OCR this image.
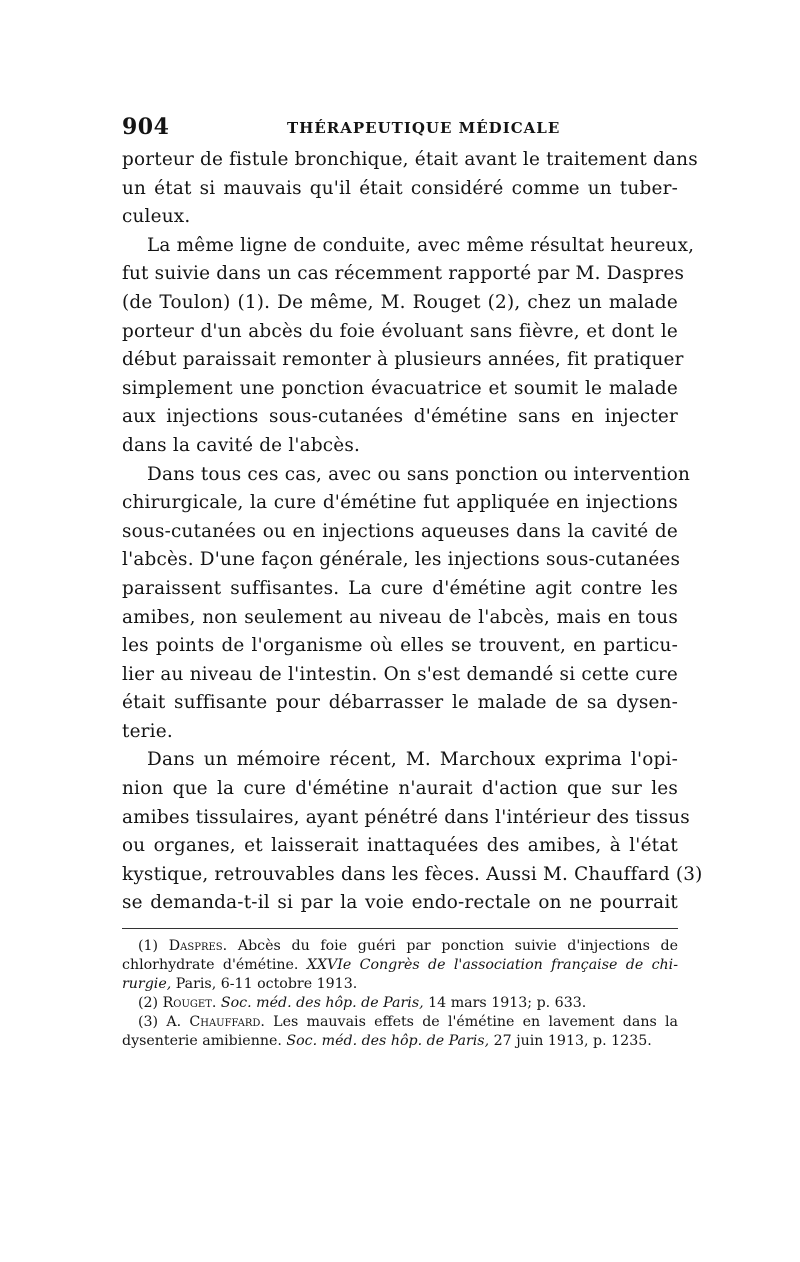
904	THÉRAPEUTIQUE MÉDICALE
porteur de fistule bronchique, était avant le traitement dans
un état si mauvais qu'il était considéré comme un tuber-
culeux.
La même ligne de conduite, avec même résultat heureux,
fut suivie dans un cas récemment rapporté par M. Daspres
(de Toulon) (1). De même, M. Rouget (2), chez un malade
porteur d'un abcès du foie évoluant sans fièvre, et dont le
début paraissait remonter à plusieurs années, fit pratiquer
simplement une ponction évacuatrice et soumit le malade
aux injections sous-cutanées d'émétine sans en injecter
dans la cavité de l'abcès.
Dans tous ces cas, avec ou sans ponction ou intervention
chirurgicale, la cure d'émétine fut appliquée en injections
sous-cutanées ou en injections aqueuses dans la cavité de
l'abcès. D'une façon générale, les injections sous-cutanées
paraissent suffisantes. La cure d'émétine agit contre les
amibes, non seulement au niveau de l'abcès, mais en tous
les points de l'organisme où elles se trouvent, en particu-
lier au niveau de l'intestin. On s'est demandé si cette cure
était suffisante pour débarrasser le malade de sa dysen-
terie.
Dans un mémoire récent, M. Marchoux exprima l'opi-
nion que la cure d'émétine n'aurait d'action que sur les
amibes tissulaires, ayant pénétré dans l'intérieur des tissus
ou organes, et laisserait inattaquées des amibes, à l'état
kystique, retrouvables dans les fèces. Aussi M. Chauffard (3)
se demanda-t-il si par la voie endo-rectale on ne pourrait
(1) Daspres. Abcès du foie guéri par ponction suivie d'injections de
chlorhydrate d'émétine. XXVIe Congrès de l'association française de chi-
rurgie, Paris, 6-11 octobre 1913.
(2) Rouget. Soc. méd. des hôp. de Paris, 14 mars 1913; p. 633.
(3) A. Chauffard. Les mauvais effets de l'émétine en lavement dans la
dysenterie amibienne. Soc. méd. des hôp. de Paris, 27 juin 1913, p. 1235.
